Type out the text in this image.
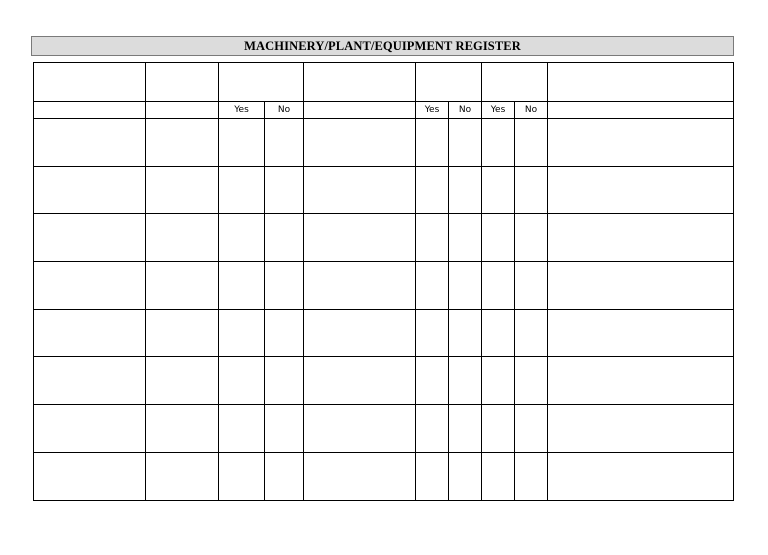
MACHINERY/PLANT/EQUIPMENT REGISTER

		Yes	No		Yes	No	Yes	No	
